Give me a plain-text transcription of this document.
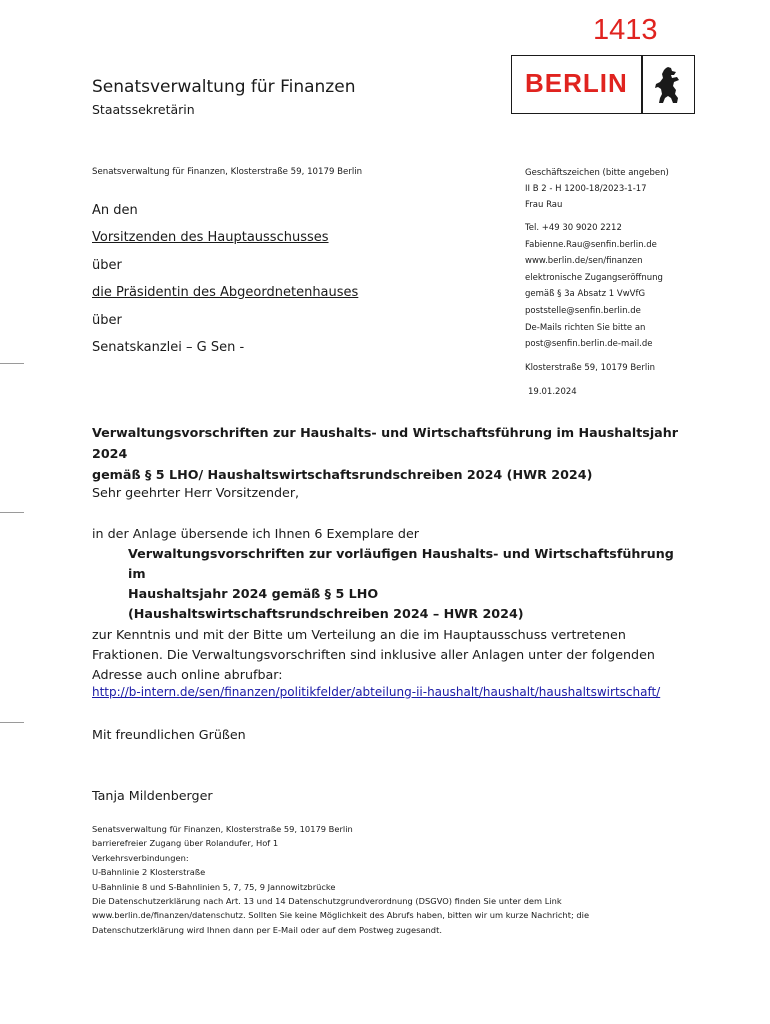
1413
BERLIN
Senatsverwaltung für Finanzen
Staatssekretärin
Senatsverwaltung für Finanzen, Klosterstraße 59, 10179 Berlin
An den
Vorsitzenden des Hauptausschusses
über
die Präsidentin des Abgeordnetenhauses
über
Senatskanzlei – G Sen -
Geschäftszeichen (bitte angeben)
II B 2 - H 1200-18/2023-1-17
Frau Rau
Tel. +49 30 9020 2212
Fabienne.Rau@senfin.berlin.de
www.berlin.de/sen/finanzen
elektronische Zugangseröffnung
gemäß § 3a Absatz 1 VwVfG
poststelle@senfin.berlin.de
De-Mails richten Sie bitte an
post@senfin.berlin.de-mail.de
Klosterstraße 59, 10179 Berlin
19.01.2024
Verwaltungsvorschriften zur Haushalts- und Wirtschaftsführung im Haushaltsjahr 2024
gemäß § 5 LHO/ Haushaltswirtschaftsrundschreiben 2024 (HWR 2024)
Sehr geehrter Herr Vorsitzender,
in der Anlage übersende ich Ihnen 6 Exemplare der
Verwaltungsvorschriften zur vorläufigen Haushalts- und Wirtschaftsführung im
Haushaltsjahr 2024 gemäß § 5 LHO
(Haushaltswirtschaftsrundschreiben 2024 – HWR 2024)
zur Kenntnis und mit der Bitte um Verteilung an die im Hauptausschuss vertretenen
Fraktionen. Die Verwaltungsvorschriften sind inklusive aller Anlagen unter der folgenden
Adresse auch online abrufbar:
http://b-intern.de/sen/finanzen/politikfelder/abteilung-ii-haushalt/haushalt/haushaltswirtschaft/
Mit freundlichen Grüßen
Tanja Mildenberger
Senatsverwaltung für Finanzen, Klosterstraße 59, 10179 Berlin
barrierefreier Zugang über Rolandufer, Hof 1
Verkehrsverbindungen:
U-Bahnlinie 2 Klosterstraße
U-Bahnlinie 8 und S-Bahnlinien 5, 7, 75, 9 Jannowitzbrücke
Die Datenschutzerklärung nach Art. 13 und 14 Datenschutzgrundverordnung (DSGVO) finden Sie unter dem Link
www.berlin.de/finanzen/datenschutz. Sollten Sie keine Möglichkeit des Abrufs haben, bitten wir um kurze Nachricht; die
Datenschutzerklärung wird Ihnen dann per E-Mail oder auf dem Postweg zugesandt.
